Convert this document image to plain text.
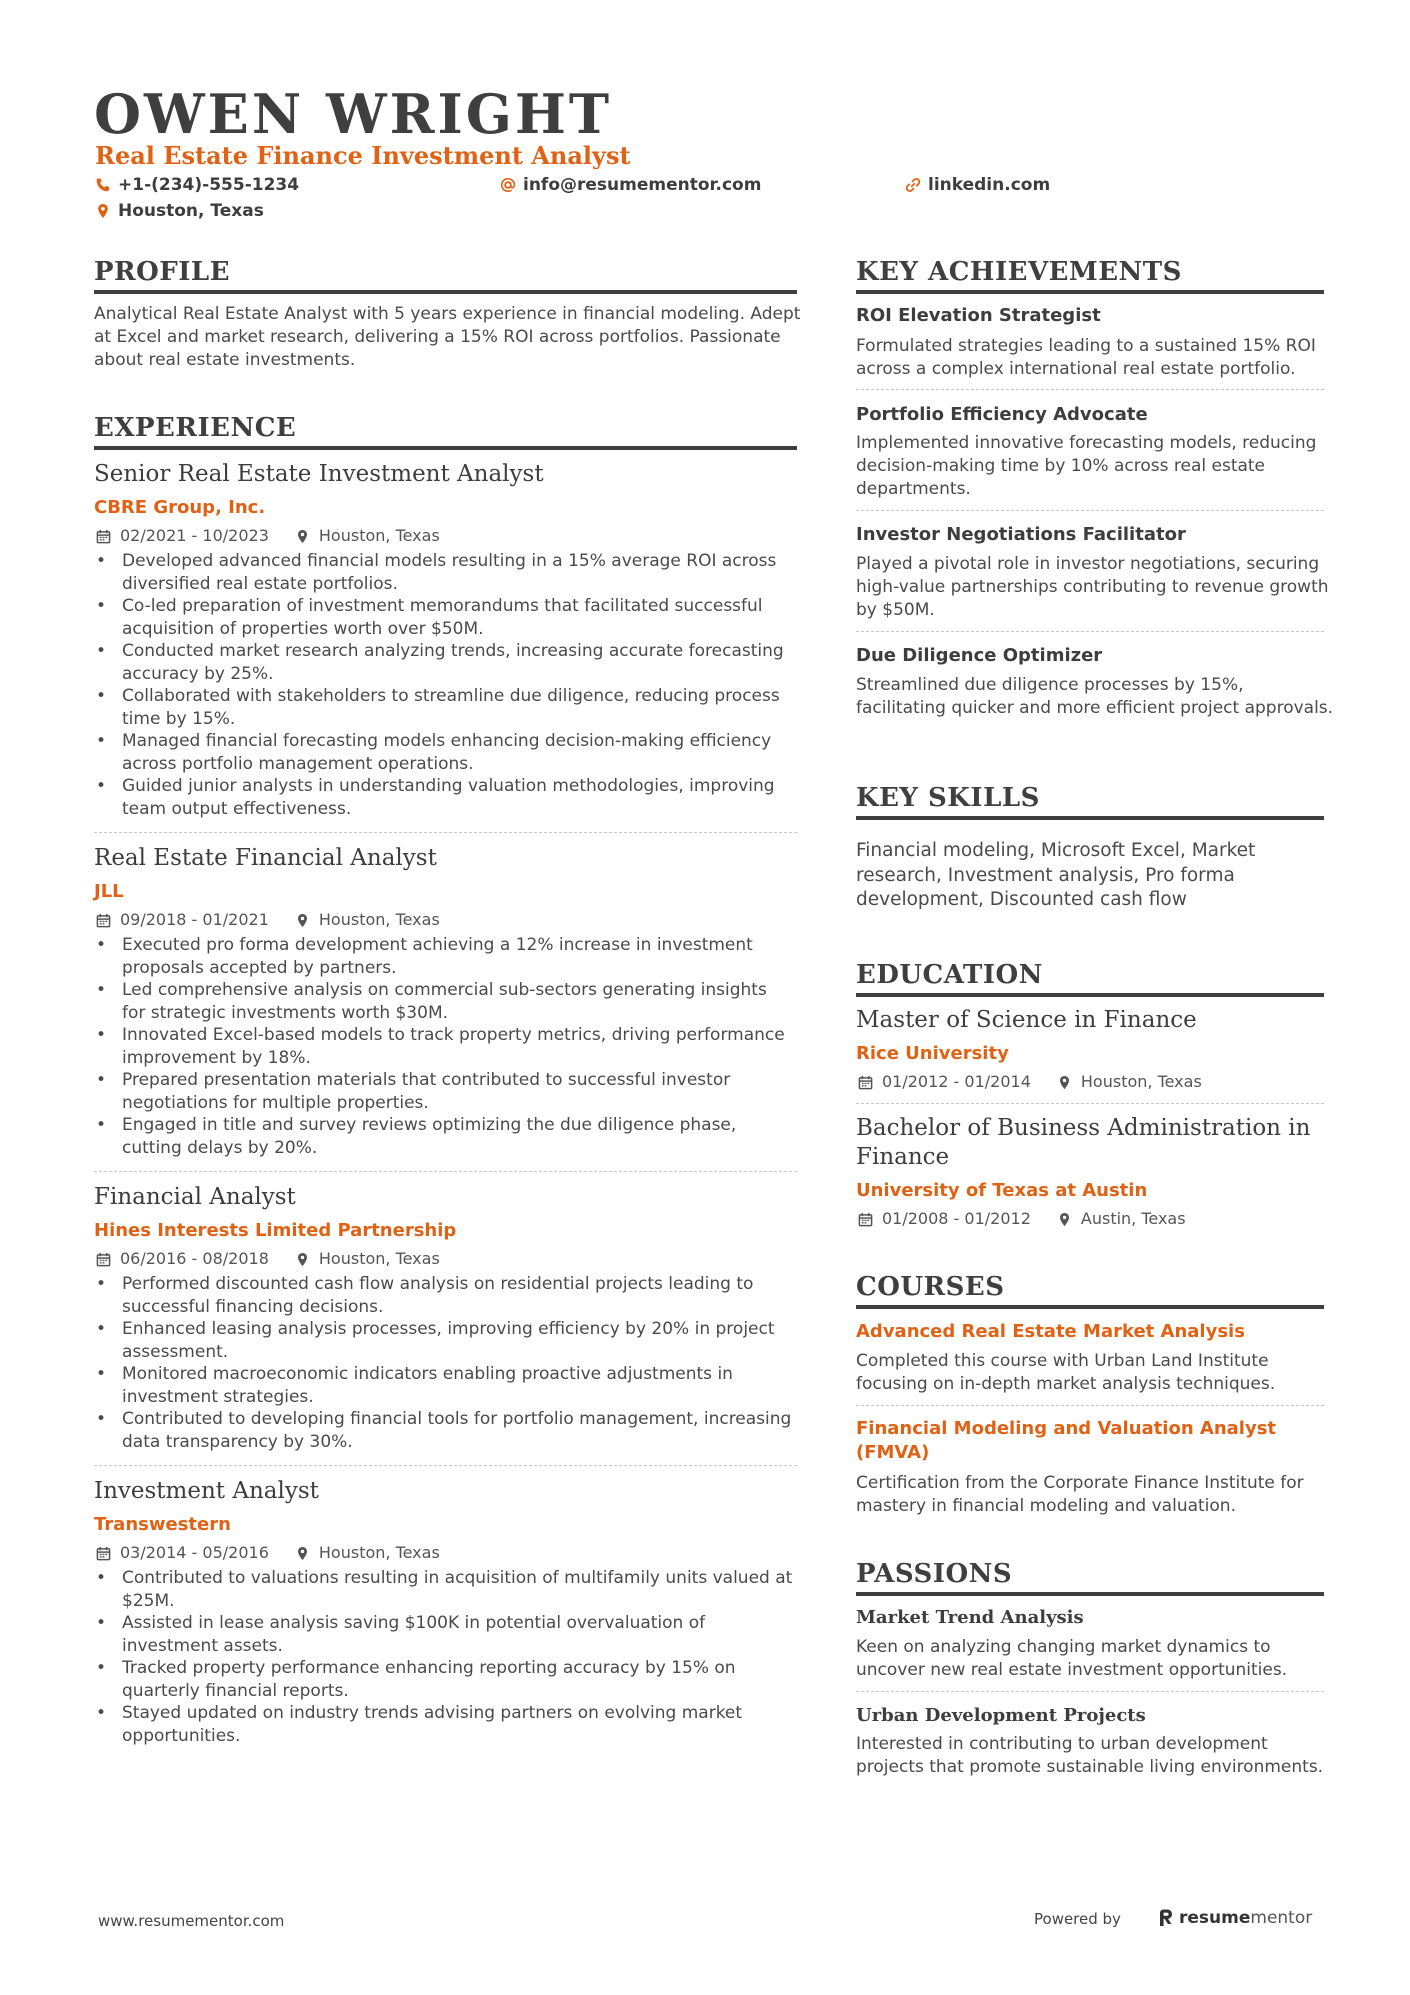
OWEN WRIGHT
Real Estate Finance Investment Analyst
+1-(234)-555-1234	info@resumementor.com	linkedin.com
Houston, Texas
PROFILE
Analytical Real Estate Analyst with 5 years experience in financial modeling. Adept at Excel and market research, delivering a 15% ROI across portfolios. Passionate about real estate investments.
EXPERIENCE
Senior Real Estate Investment Analyst
CBRE Group, Inc.
02/2021 - 10/2023	Houston, Texas
• Developed advanced financial models resulting in a 15% average ROI across diversified real estate portfolios.
• Co-led preparation of investment memorandums that facilitated successful acquisition of properties worth over $50M.
• Conducted market research analyzing trends, increasing accurate forecasting accuracy by 25%.
• Collaborated with stakeholders to streamline due diligence, reducing process time by 15%.
• Managed financial forecasting models enhancing decision-making efficiency across portfolio management operations.
• Guided junior analysts in understanding valuation methodologies, improving team output effectiveness.
Real Estate Financial Analyst
JLL
09/2018 - 01/2021	Houston, Texas
• Executed pro forma development achieving a 12% increase in investment proposals accepted by partners.
• Led comprehensive analysis on commercial sub-sectors generating insights for strategic investments worth $30M.
• Innovated Excel-based models to track property metrics, driving performance improvement by 18%.
• Prepared presentation materials that contributed to successful investor negotiations for multiple properties.
• Engaged in title and survey reviews optimizing the due diligence phase, cutting delays by 20%.
Financial Analyst
Hines Interests Limited Partnership
06/2016 - 08/2018	Houston, Texas
• Performed discounted cash flow analysis on residential projects leading to successful financing decisions.
• Enhanced leasing analysis processes, improving efficiency by 20% in project assessment.
• Monitored macroeconomic indicators enabling proactive adjustments in investment strategies.
• Contributed to developing financial tools for portfolio management, increasing data transparency by 30%.
Investment Analyst
Transwestern
03/2014 - 05/2016	Houston, Texas
• Contributed to valuations resulting in acquisition of multifamily units valued at $25M.
• Assisted in lease analysis saving $100K in potential overvaluation of investment assets.
• Tracked property performance enhancing reporting accuracy by 15% on quarterly financial reports.
• Stayed updated on industry trends advising partners on evolving market opportunities.
KEY ACHIEVEMENTS
ROI Elevation Strategist
Formulated strategies leading to a sustained 15% ROI across a complex international real estate portfolio.
Portfolio Efficiency Advocate
Implemented innovative forecasting models, reducing decision-making time by 10% across real estate departments.
Investor Negotiations Facilitator
Played a pivotal role in investor negotiations, securing high-value partnerships contributing to revenue growth by $50M.
Due Diligence Optimizer
Streamlined due diligence processes by 15%, facilitating quicker and more efficient project approvals.
KEY SKILLS
Financial modeling, Microsoft Excel, Market research, Investment analysis, Pro forma development, Discounted cash flow
EDUCATION
Master of Science in Finance
Rice University
01/2012 - 01/2014	Houston, Texas
Bachelor of Business Administration in Finance
University of Texas at Austin
01/2008 - 01/2012	Austin, Texas
COURSES
Advanced Real Estate Market Analysis
Completed this course with Urban Land Institute focusing on in-depth market analysis techniques.
Financial Modeling and Valuation Analyst (FMVA)
Certification from the Corporate Finance Institute for mastery in financial modeling and valuation.
PASSIONS
Market Trend Analysis
Keen on analyzing changing market dynamics to uncover new real estate investment opportunities.
Urban Development Projects
Interested in contributing to urban development projects that promote sustainable living environments.
www.resumementor.com	Powered by	resume mentor
